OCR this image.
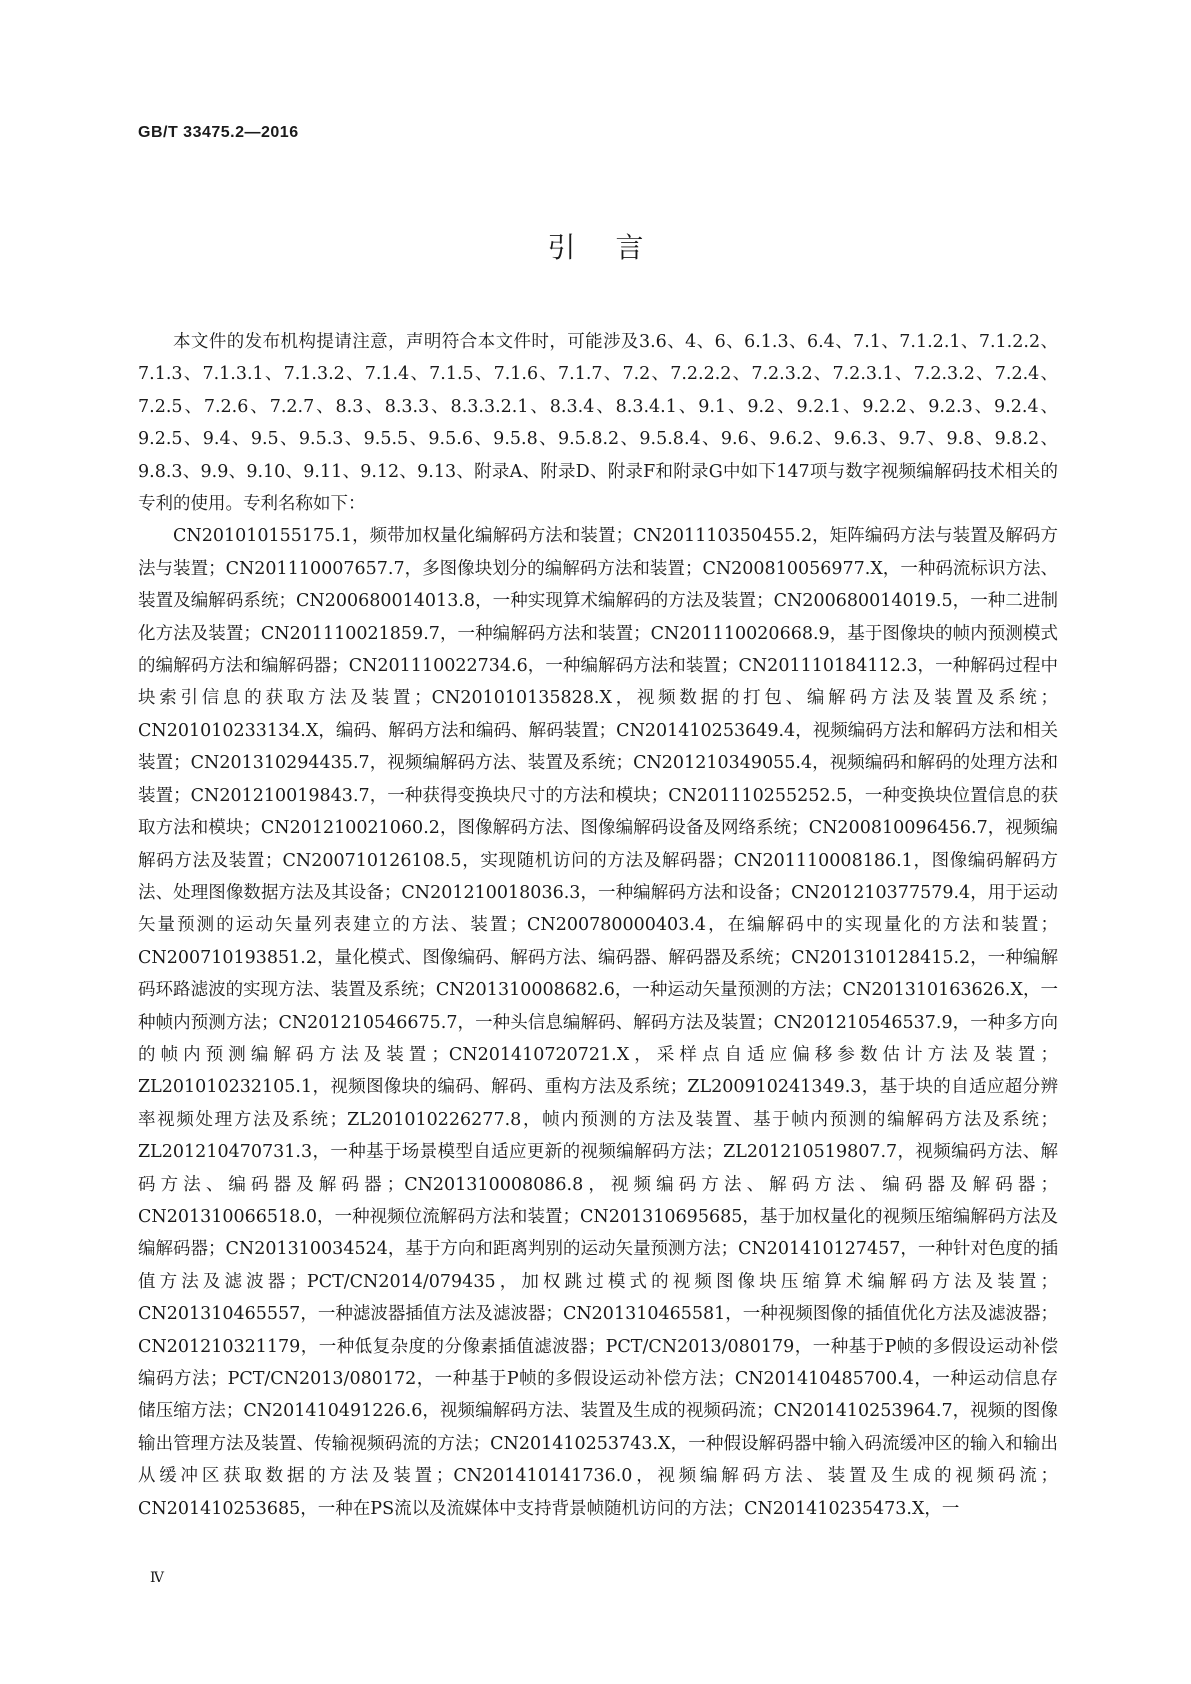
GB/T 33475.2—2016
引言

本文件的发布机构提请注意，声明符合本文件时，可能涉及3.6、4、6、6.1.3、6.4、7.1、7.1.2.1、7.1.2.2、7.1.3、7.1.3.1、7.1.3.2、7.1.4、7.1.5、7.1.6、7.1.7、7.2、7.2.2.2、7.2.3.2、7.2.3.1、7.2.3.2、7.2.4、7.2.5、7.2.6、7.2.7、8.3、8.3.3、8.3.3.2.1、8.3.4、8.3.4.1、9.1、9.2、9.2.1、9.2.2、9.2.3、9.2.4、9.2.5、9.4、9.5、9.5.3、9.5.5、9.5.6、9.5.8、9.5.8.2、9.5.8.4、9.6、9.6.2、9.6.3、9.7、9.8、9.8.2、9.8.3、9.9、9.10、9.11、9.12、9.13、附录A、附录D、附录F和附录G中如下147项与数字视频编解码技术相关的专利的使用。专利名称如下：

CN201010155175.1，频带加权量化编解码方法和装置；CN201110350455.2，矩阵编码方法与装置及解码方法与装置；CN201110007657.7，多图像块划分的编解码方法和装置；CN200810056977.X，一种码流标识方法、装置及编解码系统；CN200680014013.8，一种实现算术编解码的方法及装置；CN200680014019.5，一种二进制化方法及装置；CN201110021859.7，一种编解码方法和装置；CN201110020668.9，基于图像块的帧内预测模式的编解码方法和编解码器；CN201110022734.6，一种编解码方法和装置；CN201110184112.3，一种解码过程中块索引信息的获取方法及装置；CN201010135828.X，视频数据的打包、编解码方法及装置及系统；CN201010233134.X，编码、解码方法和编码、解码装置；CN201410253649.4，视频编码方法和解码方法和相关装置；CN201310294435.7，视频编解码方法、装置及系统；CN201210349055.4，视频编码和解码的处理方法和装置；CN201210019843.7，一种获得变换块尺寸的方法和模块；CN201110255252.5，一种变换块位置信息的获取方法和模块；CN201210021060.2，图像解码方法、图像编解码设备及网络系统；CN200810096456.7，视频编解码方法及装置；CN200710126108.5，实现随机访问的方法及解码器；CN201110008186.1，图像编码解码方法、处理图像数据方法及其设备；CN201210018036.3，一种编解码方法和设备；CN201210377579.4，用于运动矢量预测的运动矢量列表建立的方法、装置；CN200780000403.4，在编解码中的实现量化的方法和装置；CN200710193851.2，量化模式、图像编码、解码方法、编码器、解码器及系统；CN201310128415.2，一种编解码环路滤波的实现方法、装置及系统；CN201310008682.6，一种运动矢量预测的方法；CN201310163626.X，一种帧内预测方法；CN201210546675.7，一种头信息编解码、解码方法及装置；CN201210546537.9，一种多方向的帧内预测编解码方法及装置；CN201410720721.X，采样点自适应偏移参数估计方法及装置；ZL201010232105.1，视频图像块的编码、解码、重构方法及系统；ZL200910241349.3，基于块的自适应超分辨率视频处理方法及系统；ZL201010226277.8，帧内预测的方法及装置、基于帧内预测的编解码方法及系统；ZL201210470731.3，一种基于场景模型自适应更新的视频编解码方法；ZL201210519807.7，视频编码方法、解码方法、编码器及解码器；CN201310008086.8，视频编码方法、解码方法、编码器及解码器；CN201310066518.0，一种视频位流解码方法和装置；CN201310695685，基于加权量化的视频压缩编解码方法及编解码器；CN201310034524，基于方向和距离判别的运动矢量预测方法；CN201410127457，一种针对色度的插值方法及滤波器；PCT/CN2014/079435，加权跳过模式的视频图像块压缩算术编解码方法及装置；CN201310465557，一种滤波器插值方法及滤波器；CN201310465581，一种视频图像的插值优化方法及滤波器；CN201210321179，一种低复杂度的分像素插值滤波器；PCT/CN2013/080179，一种基于P帧的多假设运动补偿编码方法；PCT/CN2013/080172，一种基于P帧的多假设运动补偿方法；CN201410485700.4，一种运动信息存储压缩方法；CN201410491226.6，视频编解码方法、装置及生成的视频码流；CN201410253964.7，视频的图像输出管理方法及装置、传输视频码流的方法；CN201410253743.X，一种假设解码器中输入码流缓冲区的输入和输出从缓冲区获取数据的方法及装置；CN201410141736.0，视频编解码方法、装置及生成的视频码流；CN201410253685，一种在PS流以及流媒体中支持背景帧随机访问的方法；CN201410235473.X，一

Ⅳ
